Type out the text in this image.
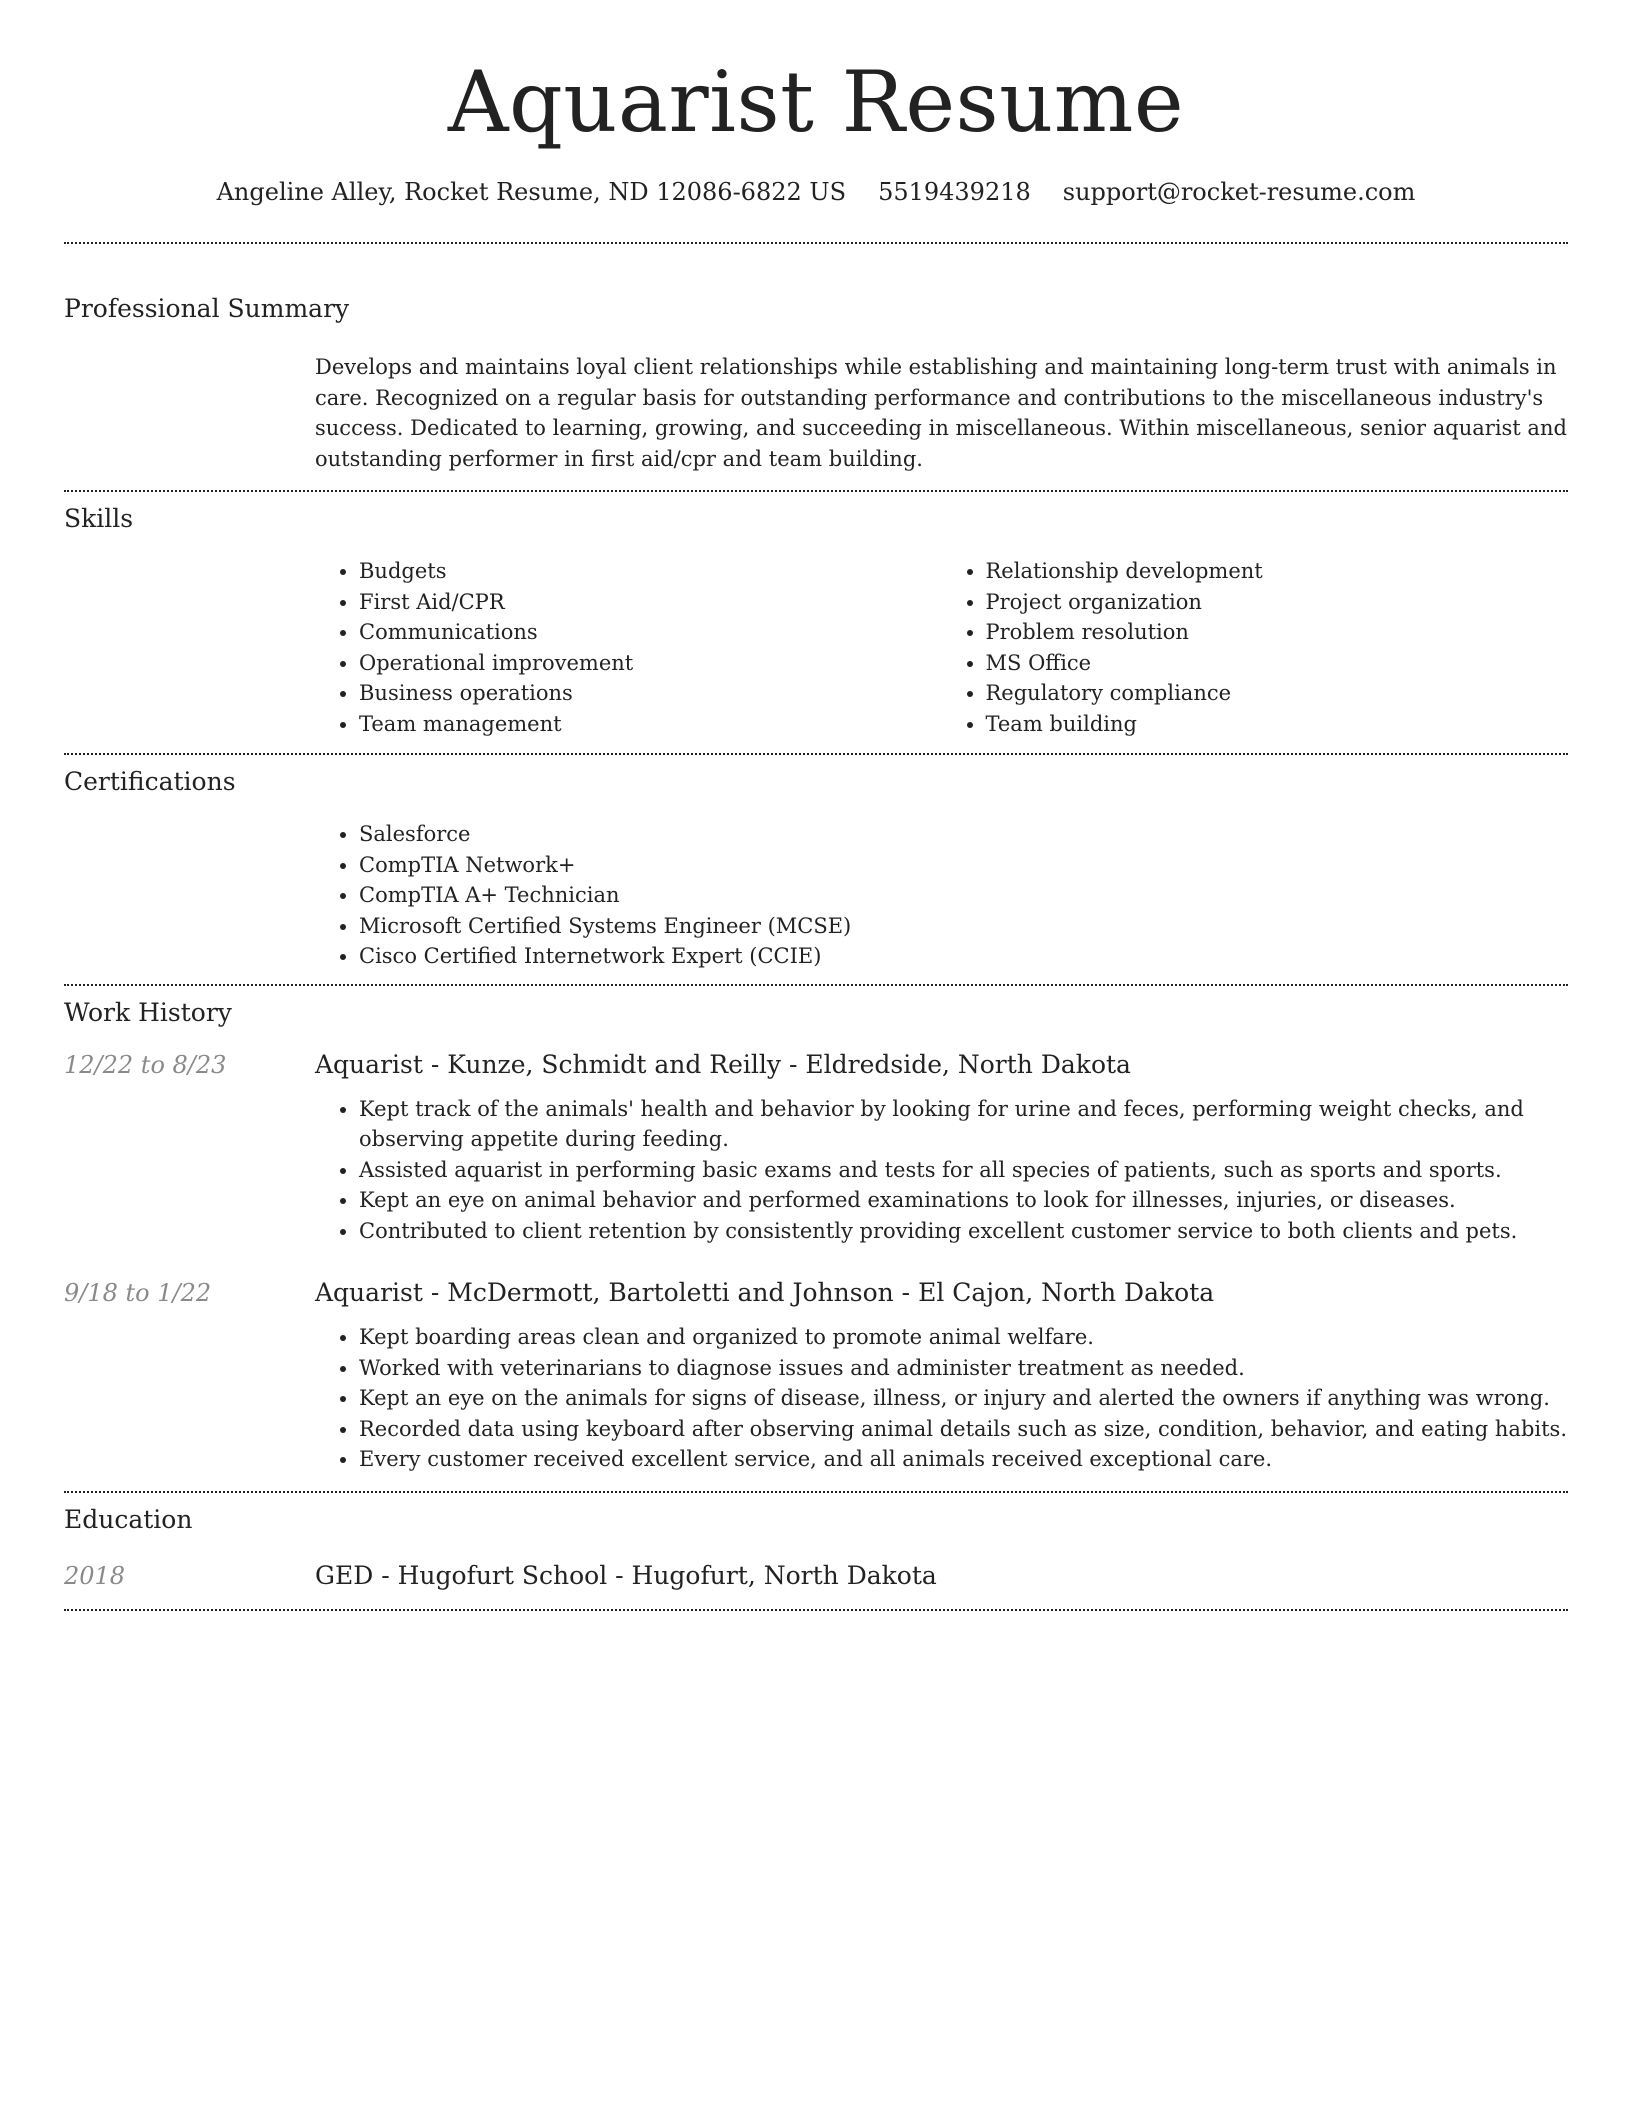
Aquarist Resume
Angeline Alley, Rocket Resume, ND 12086-6822 US 5519439218 support@rocket-resume.com
Professional Summary
Develops and maintains loyal client relationships while establishing and maintaining long-term trust with animals in care. Recognized on a regular basis for outstanding performance and contributions to the miscellaneous industry's success. Dedicated to learning, growing, and succeeding in miscellaneous. Within miscellaneous, senior aquarist and outstanding performer in first aid/cpr and team building.
Skills
• Budgets
• First Aid/CPR
• Communications
• Operational improvement
• Business operations
• Team management
• Relationship development
• Project organization
• Problem resolution
• MS Office
• Regulatory compliance
• Team building
Certifications
• Salesforce
• CompTIA Network+
• CompTIA A+ Technician
• Microsoft Certified Systems Engineer (MCSE)
• Cisco Certified Internetwork Expert (CCIE)
Work History
12/22 to 8/23	Aquarist - Kunze, Schmidt and Reilly - Eldredside, North Dakota
• Kept track of the animals' health and behavior by looking for urine and feces, performing weight checks, and observing appetite during feeding.
• Assisted aquarist in performing basic exams and tests for all species of patients, such as sports and sports.
• Kept an eye on animal behavior and performed examinations to look for illnesses, injuries, or diseases.
• Contributed to client retention by consistently providing excellent customer service to both clients and pets.
9/18 to 1/22	Aquarist - McDermott, Bartoletti and Johnson - El Cajon, North Dakota
• Kept boarding areas clean and organized to promote animal welfare.
• Worked with veterinarians to diagnose issues and administer treatment as needed.
• Kept an eye on the animals for signs of disease, illness, or injury and alerted the owners if anything was wrong.
• Recorded data using keyboard after observing animal details such as size, condition, behavior, and eating habits.
• Every customer received excellent service, and all animals received exceptional care.
Education
2018	GED - Hugofurt School - Hugofurt, North Dakota
